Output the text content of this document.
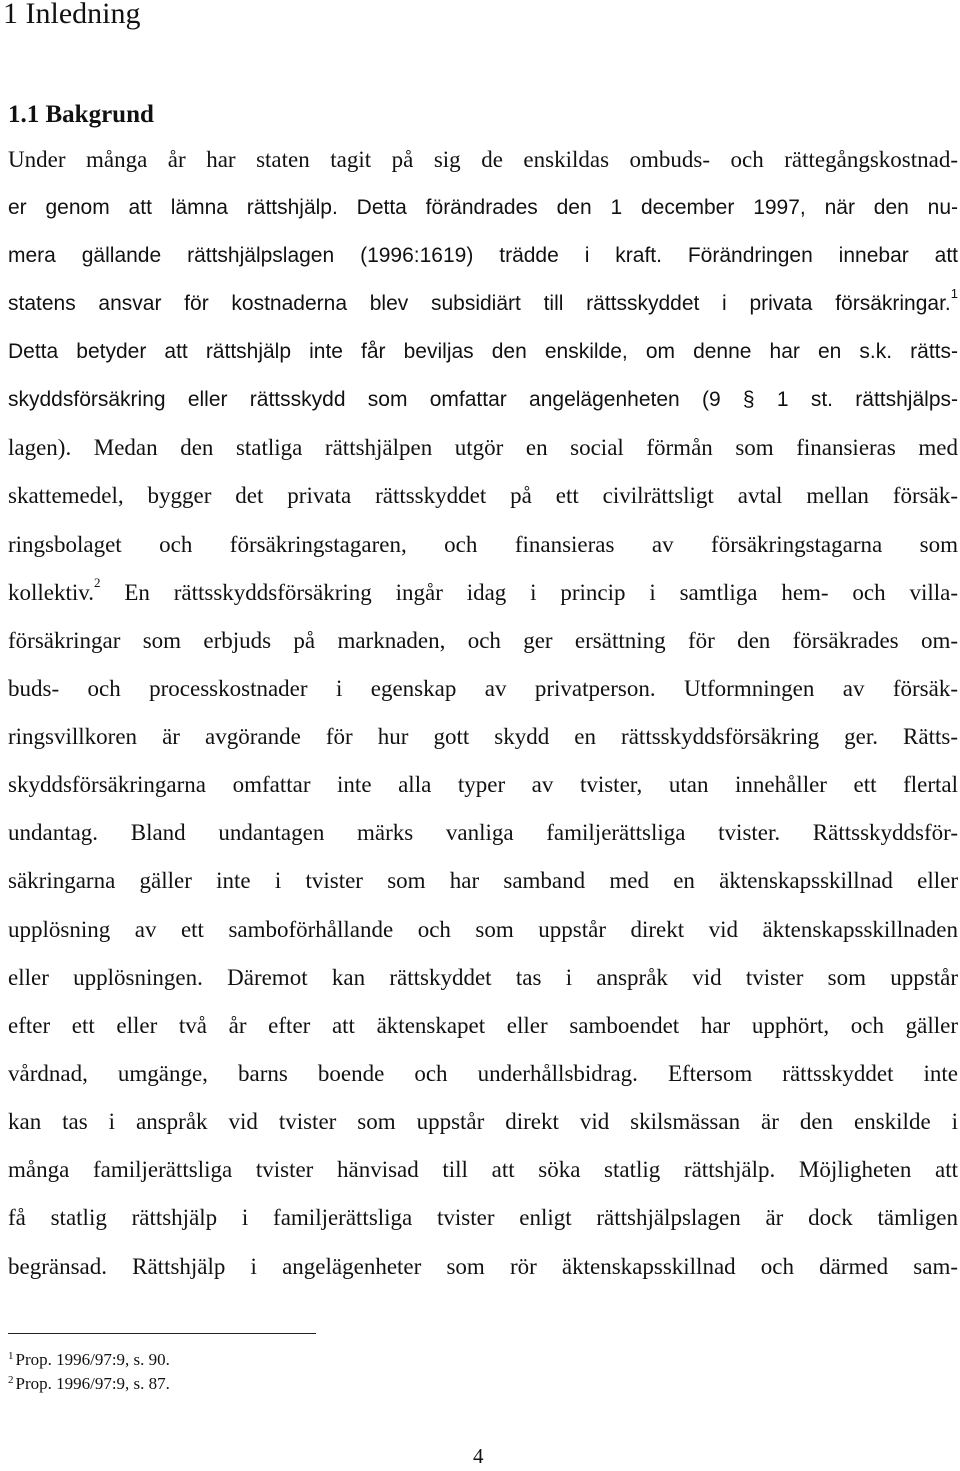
1 Inledning
1.1 Bakgrund
Under många år har staten tagit på sig de enskildas ombuds- och rättegångskostnad-
er genom att lämna rättshjälp. Detta förändrades den 1 december 1997, när den nu-
mera gällande rättshjälpslagen (1996:1619) trädde i kraft. Förändringen innebar att
statens ansvar för kostnaderna blev subsidiärt till rättsskyddet i privata försäkringar.$^1$
Detta betyder att rättshjälp inte får beviljas den enskilde, om denne har en s.k. rätts-
skyddsförsäkring eller rättsskydd som omfattar angelägenheten (9 § 1 st. rättshjälps-
lagen). Medan den statliga rättshjälpen utgör en social förmån som finansieras med
skattemedel, bygger det privata rättsskyddet på ett civilrättsligt avtal mellan försäk-
ringsbolaget och försäkringstagaren, och finansieras av försäkringstagarna som
kollektiv.$^2$ En rättsskyddsförsäkring ingår idag i princip i samtliga hem- och villa-
försäkringar som erbjuds på marknaden, och ger ersättning för den försäkrades om-
buds- och processkostnader i egenskap av privatperson. Utformningen av försäk-
ringsvillkoren är avgörande för hur gott skydd en rättsskyddsförsäkring ger. Rätts-
skyddsförsäkringarna omfattar inte alla typer av tvister, utan innehåller ett flertal
undantag. Bland undantagen märks vanliga familjerättsliga tvister. Rättsskyddsför-
säkringarna gäller inte i tvister som har samband med en äktenskapsskillnad eller
upplösning av ett samboförhållande och som uppstår direkt vid äktenskapsskillnaden
eller upplösningen. Däremot kan rättskyddet tas i anspråk vid tvister som uppstår
efter ett eller två år efter att äktenskapet eller samboendet har upphört, och gäller
vårdnad, umgänge, barns boende och underhållsbidrag. Eftersom rättsskyddet inte
kan tas i anspråk vid tvister som uppstår direkt vid skilsmässan är den enskilde i
många familjerättsliga tvister hänvisad till att söka statlig rättshjälp. Möjligheten att
få statlig rättshjälp i familjerättsliga tvister enligt rättshjälpslagen är dock tämligen
begränsad. Rättshjälp i angelägenheter som rör äktenskapsskillnad och därmed sam-
$^1$ Prop. 1996/97:9, s. 90.
$^2$ Prop. 1996/97:9, s. 87.
4
